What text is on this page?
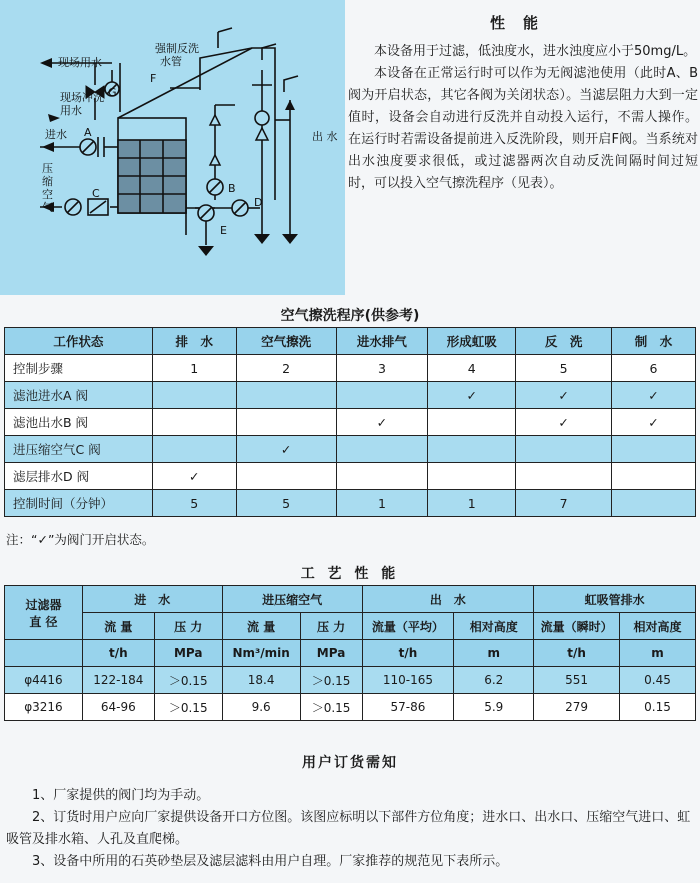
现场用水
强制反洗
水管
现场冲洗
用水
进水	出 水
压缩空气
A
B
C
D
E
F
G
性能

本设备用于过滤，低浊度水，进水浊度应小于50mg/L。

本设备在正常运行时可以作为无阀滤池使用（此时A、B阀为开启状态，其它各阀为关闭状态）。当滤层阻力大到一定值时，设备会自动进行反洗并自动投入运行，不需人操作。在运行时若需设备提前进入反洗阶段，则开启F阀。当系统对出水浊度要求很低，或过滤器两次自动反洗间隔时间过短时，可以投入空气擦洗程序（见表）。

空气擦洗程序(供参考)
工作状态	排　水	空气擦洗	进水排气	形成虹吸	反　洗	制　水
控制步骤	1	2	3	4	5	6
滤池进水A 阀				✓	✓	✓
滤池出水B 阀			✓		✓	✓
进压缩空气C 阀		✓				
滤层排水D 阀	✓					
控制时间（分钟）	5	5	1	1	7	
注：“✓”为阀门开启状态。
工 艺 性 能
过滤器
直 径	进　水		进压缩空气		出　水		虹吸管排水	
	流 量	压 力	流 量	压 力	流量（平均）	相对高度	流量（瞬时）	相对高度
	t/h	MPa	Nm³/min	MPa	t/h	m	t/h	m
φ4416	122-184	＞0.15	18.4	＞0.15	110-165	6.2	551	0.45
φ3216	64-96	＞0.15	9.6	＞0.15	57-86	5.9	279	0.15
用户订货需知

1、厂家提供的阀门均为手动。

2、订货时用户应向厂家提供设备开口方位图。该图应标明以下部件方位角度；进水口、出水口、压缩空气进口、虹吸管及排水箱、人孔及直爬梯。

3、设备中所用的石英砂垫层及滤层滤料由用户自理。厂家推荐的规范见下表所示。
